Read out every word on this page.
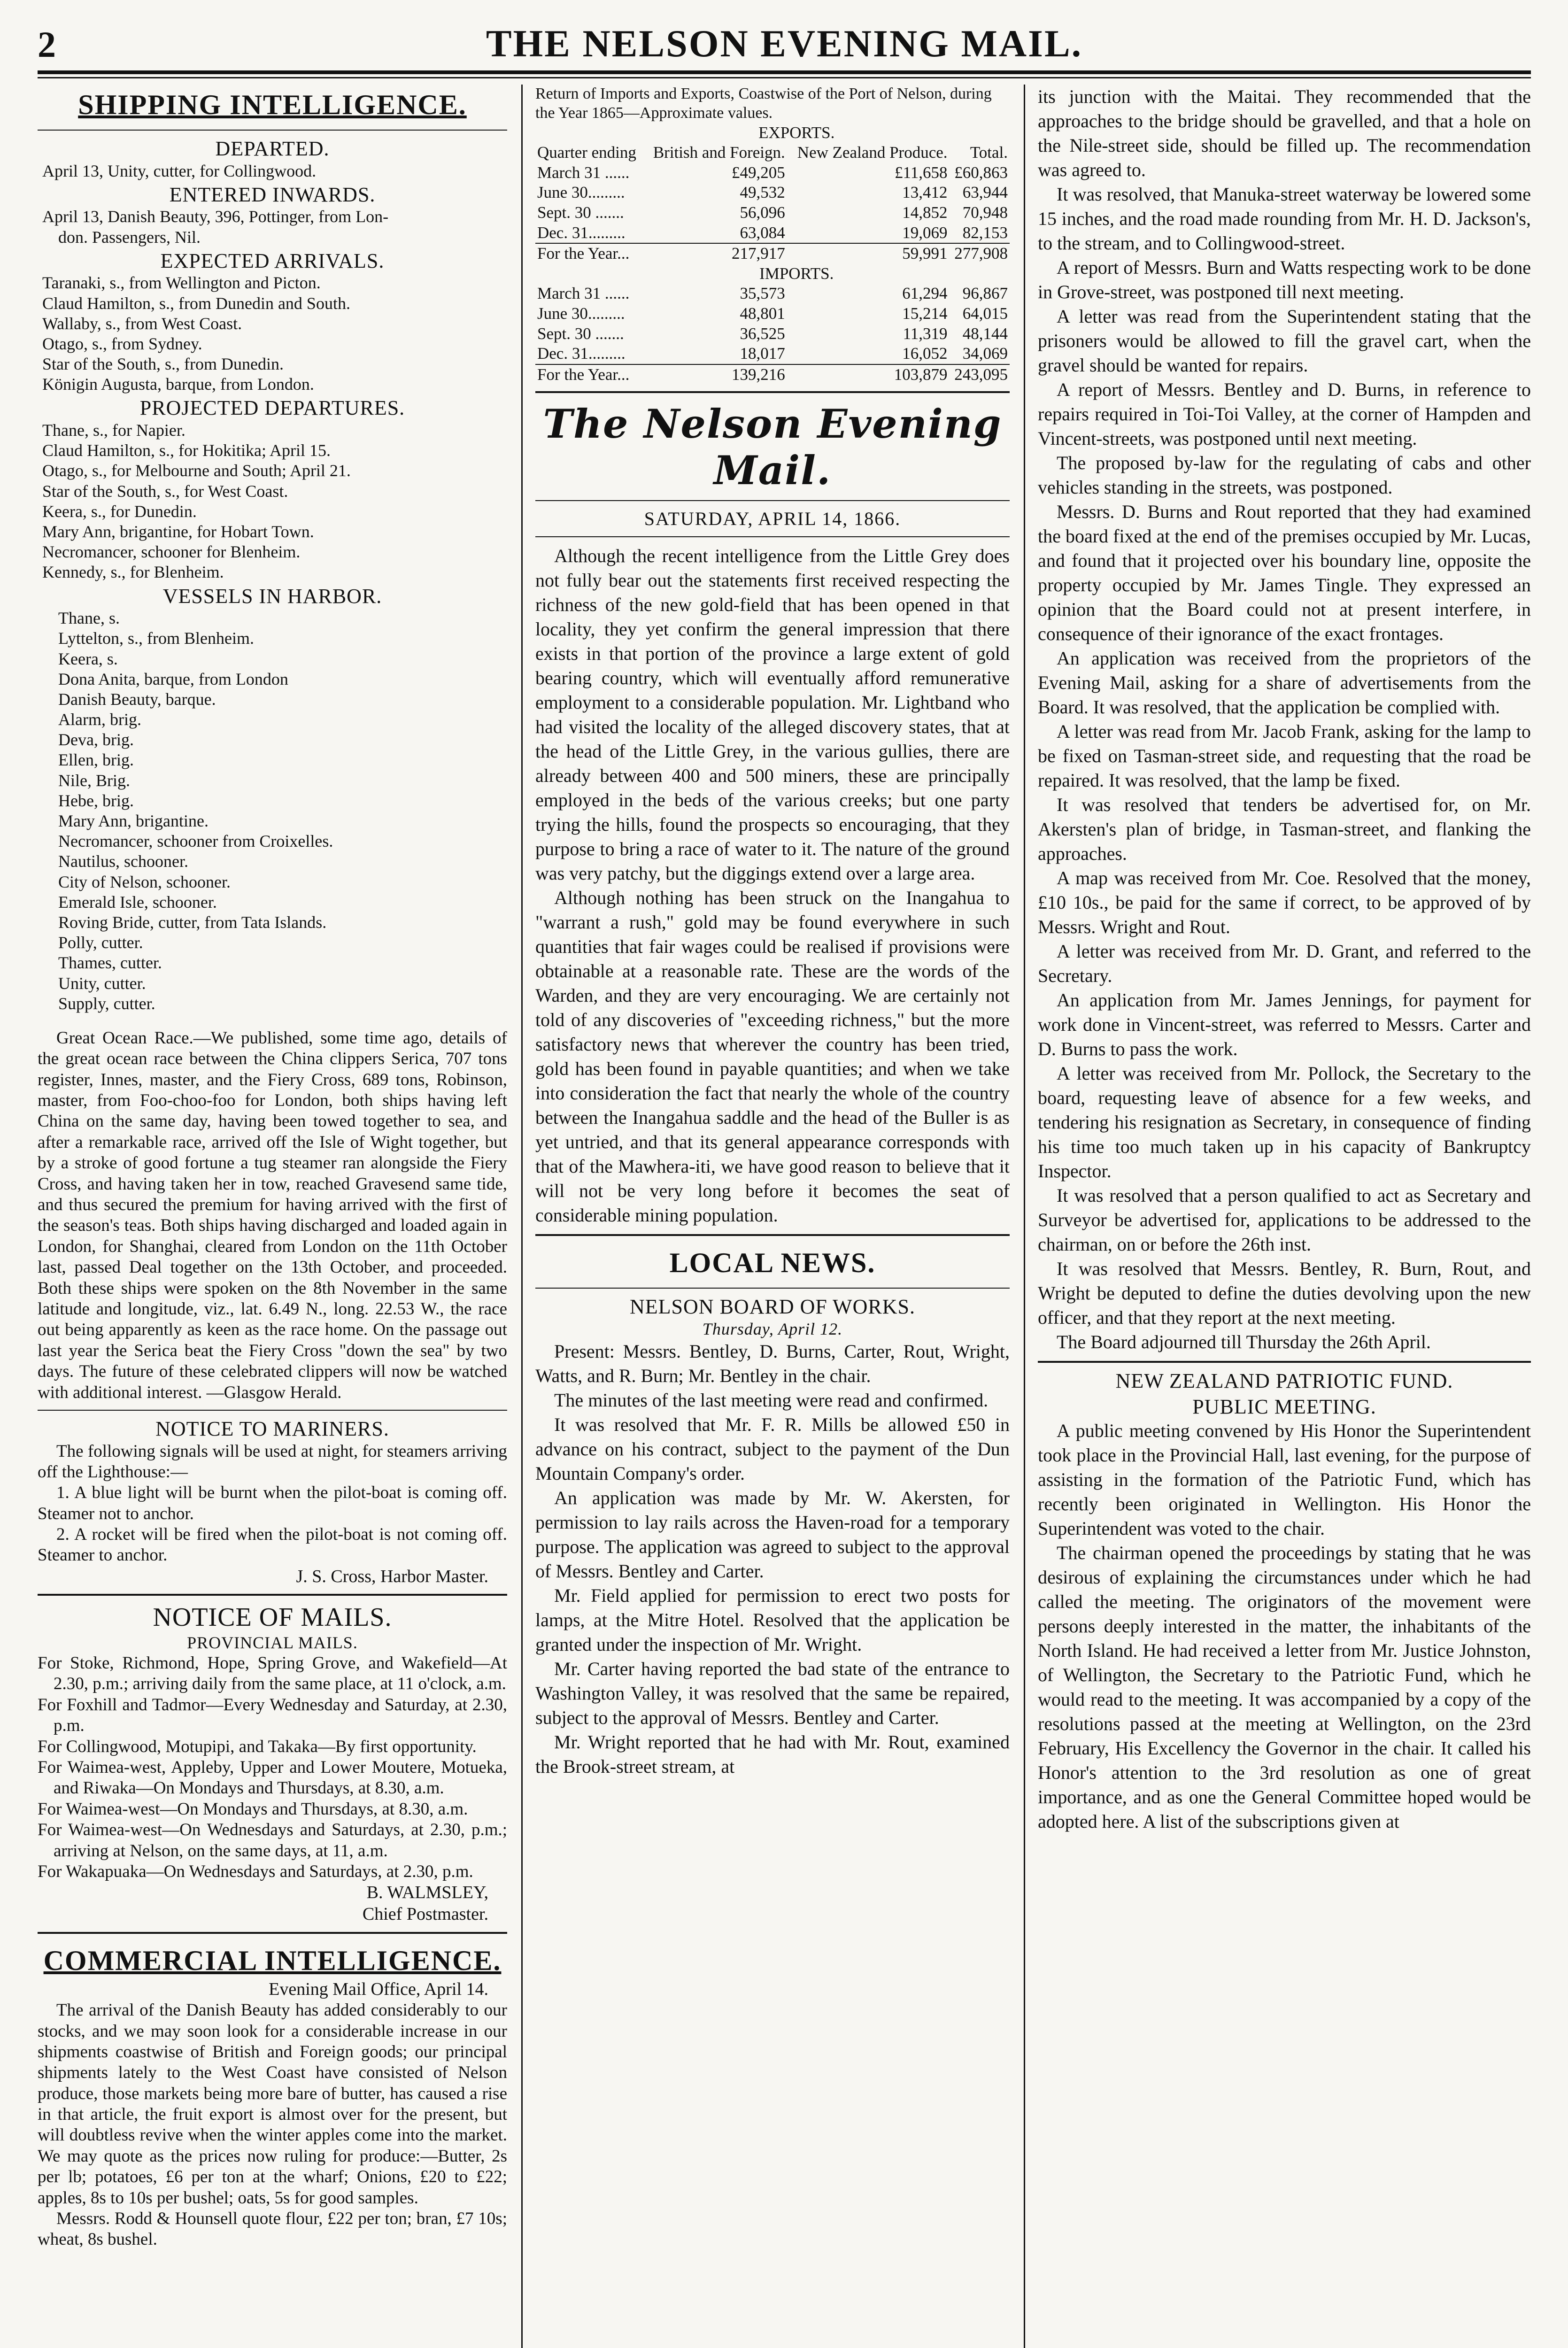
2	THE NELSON EVENING MAIL.
SHIPPING INTELLIGENCE.
DEPARTED.
April 13, Unity, cutter, for Collingwood.
ENTERED INWARDS.
April 13, Danish Beauty, 396, Pottinger, from Lon-
don. Passengers, Nil.
EXPECTED ARRIVALS.
Taranaki, s., from Wellington and Picton.
Claud Hamilton, s., from Dunedin and South.
Wallaby, s., from West Coast.
Otago, s., from Sydney.
Star of the South, s., from Dunedin.
Königin Augusta, barque, from London.
PROJECTED DEPARTURES.
Thane, s., for Napier.
Claud Hamilton, s., for Hokitika; April 15.
Otago, s., for Melbourne and South; April 21.
Star of the South, s., for West Coast.
Keera, s., for Dunedin.
Mary Ann, brigantine, for Hobart Town.
Necromancer, schooner for Blenheim.
Kennedy, s., for Blenheim.
VESSELS IN HARBOR.
Thane, s.
Lyttelton, s., from Blenheim.
Keera, s.
Dona Anita, barque, from London
Danish Beauty, barque.
Alarm, brig.
Deva, brig.
Ellen, brig.
Nile, Brig.
Hebe, brig.
Mary Ann, brigantine.
Necromancer, schooner from Croixelles.
Nautilus, schooner.
City of Nelson, schooner.
Emerald Isle, schooner.
Roving Bride, cutter, from Tata Islands.
Polly, cutter.
Thames, cutter.
Unity, cutter.
Supply, cutter.

Great Ocean Race.—We published, some time ago, details of the great ocean race between the China clippers Serica, 707 tons register, Innes, master, and the Fiery Cross, 689 tons, Robinson, master, from Foo-choo-foo for London, both ships having left China on the same day, having been towed together to sea, and after a remarkable race, arrived off the Isle of Wight together, but by a stroke of good fortune a tug steamer ran alongside the Fiery Cross, and having taken her in tow, reached Gravesend same tide, and thus secured the premium for having arrived with the first of the season's teas. Both ships having discharged and loaded again in London, for Shanghai, cleared from London on the 11th October last, passed Deal together on the 13th October, and proceeded. Both these ships were spoken on the 8th November in the same latitude and longitude, viz., lat. 6.49 N., long. 22.53 W., the race out being apparently as keen as the race home. On the passage out last year the Serica beat the Fiery Cross "down the sea" by two days. The future of these celebrated clippers will now be watched with additional interest. —Glasgow Herald.

NOTICE TO MARINERS.

The following signals will be used at night, for steamers arriving off the Lighthouse:—

1. A blue light will be burnt when the pilot-boat is coming off. Steamer not to anchor.

2. A rocket will be fired when the pilot-boat is not coming off. Steamer to anchor.

J. S. Cross, Harbor Master.
NOTICE OF MAILS.
PROVINCIAL MAILS.

For Stoke, Richmond, Hope, Spring Grove, and Wakefield—At 2.30, p.m.; arriving daily from the same place, at 11 o'clock, a.m.

For Foxhill and Tadmor—Every Wednesday and Saturday, at 2.30, p.m.

For Collingwood, Motupipi, and Takaka—By first opportunity.

For Waimea-west, Appleby, Upper and Lower Moutere, Motueka, and Riwaka—On Mondays and Thursdays, at 8.30, a.m.

For Waimea-west—On Mondays and Thursdays, at 8.30, a.m.

For Waimea-west—On Wednesdays and Saturdays, at 2.30, p.m.; arriving at Nelson, on the same days, at 11, a.m.

For Wakapuaka—On Wednesdays and Saturdays, at 2.30, p.m.

B. WALMSLEY,
Chief Postmaster.
COMMERCIAL INTELLIGENCE.
Evening Mail Office, April 14.

The arrival of the Danish Beauty has added considerably to our stocks, and we may soon look for a considerable increase in our shipments coastwise of British and Foreign goods; our principal shipments lately to the West Coast have consisted of Nelson produce, those markets being more bare of butter, has caused a rise in that article, the fruit export is almost over for the present, but will doubtless revive when the winter apples come into the market. We may quote as the prices now ruling for produce:—Butter, 2s per lb; potatoes, £6 per ton at the wharf; Onions, £20 to £22; apples, 8s to 10s per bushel; oats, 5s for good samples.

Messrs. Rodd & Hounsell quote flour, £22 per ton; bran, £7 10s; wheat, 8s bushel.

Return of Imports and Exports, Coastwise of the Port of Nelson, during the Year 1865—Approximate values.

	EXPORTS.		
Quarter ending	British and Foreign.	New Zealand Produce.	Total.
March 31 ......	£49,205	£11,658	£60,863
June 30.........	49,532	13,412	63,944
Sept. 30 .......	56,096	14,852	70,948
Dec. 31.........	63,084	19,069	82,153
For the Year...	217,917	59,991	277,908
	IMPORTS.		
March 31 ......	35,573	61,294	96,867
June 30.........	48,801	15,214	64,015
Sept. 30 .......	36,525	11,319	48,144
Dec. 31.........	18,017	16,052	34,069
For the Year...	139,216	103,879	243,095
The Nelson Evening Mail.
SATURDAY, APRIL 14, 1866.

Although the recent intelligence from the Little Grey does not fully bear out the statements first received respecting the richness of the new gold-field that has been opened in that locality, they yet confirm the general impression that there exists in that portion of the province a large extent of gold bearing country, which will eventually afford remunerative employment to a considerable population. Mr. Lightband who had visited the locality of the alleged discovery states, that at the head of the Little Grey, in the various gullies, there are already between 400 and 500 miners, these are principally employed in the beds of the various creeks; but one party trying the hills, found the prospects so encouraging, that they purpose to bring a race of water to it. The nature of the ground was very patchy, but the diggings extend over a large area.

Although nothing has been struck on the Inangahua to "warrant a rush," gold may be found everywhere in such quantities that fair wages could be realised if provisions were obtainable at a reasonable rate. These are the words of the Warden, and they are very encouraging. We are certainly not told of any discoveries of "exceeding richness," but the more satisfactory news that wherever the country has been tried, gold has been found in payable quantities; and when we take into consideration the fact that nearly the whole of the country between the Inangahua saddle and the head of the Buller is as yet untried, and that its general appearance corresponds with that of the Mawhera-iti, we have good reason to believe that it will not be very long before it becomes the seat of considerable mining population.

LOCAL NEWS.
NELSON BOARD OF WORKS.
Thursday, April 12.

Present: Messrs. Bentley, D. Burns, Carter, Rout, Wright, Watts, and R. Burn; Mr. Bentley in the chair.

The minutes of the last meeting were read and confirmed.

It was resolved that Mr. F. R. Mills be allowed £50 in advance on his contract, subject to the payment of the Dun Mountain Company's order.

An application was made by Mr. W. Akersten, for permission to lay rails across the Haven-road for a temporary purpose. The application was agreed to subject to the approval of Messrs. Bentley and Carter.

Mr. Field applied for permission to erect two posts for lamps, at the Mitre Hotel. Resolved that the application be granted under the inspection of Mr. Wright.

Mr. Carter having reported the bad state of the entrance to Washington Valley, it was resolved that the same be repaired, subject to the approval of Messrs. Bentley and Carter.

Mr. Wright reported that he had with Mr. Rout, examined the Brook-street stream, at

its junction with the Maitai. They recommended that the approaches to the bridge should be gravelled, and that a hole on the Nile-street side, should be filled up. The recommendation was agreed to.

It was resolved, that Manuka-street waterway be lowered some 15 inches, and the road made rounding from Mr. H. D. Jackson's, to the stream, and to Collingwood-street.

A report of Messrs. Burn and Watts respecting work to be done in Grove-street, was postponed till next meeting.

A letter was read from the Superintendent stating that the prisoners would be allowed to fill the gravel cart, when the gravel should be wanted for repairs.

A report of Messrs. Bentley and D. Burns, in reference to repairs required in Toi-Toi Valley, at the corner of Hampden and Vincent-streets, was postponed until next meeting.

The proposed by-law for the regulating of cabs and other vehicles standing in the streets, was postponed.

Messrs. D. Burns and Rout reported that they had examined the board fixed at the end of the premises occupied by Mr. Lucas, and found that it projected over his boundary line, opposite the property occupied by Mr. James Tingle. They expressed an opinion that the Board could not at present interfere, in consequence of their ignorance of the exact frontages.

An application was received from the proprietors of the Evening Mail, asking for a share of advertisements from the Board. It was resolved, that the application be complied with.

A letter was read from Mr. Jacob Frank, asking for the lamp to be fixed on Tasman-street side, and requesting that the road be repaired. It was resolved, that the lamp be fixed.

It was resolved that tenders be advertised for, on Mr. Akersten's plan of bridge, in Tasman-street, and flanking the approaches.

A map was received from Mr. Coe. Resolved that the money, £10 10s., be paid for the same if correct, to be approved of by Messrs. Wright and Rout.

A letter was received from Mr. D. Grant, and referred to the Secretary.

An application from Mr. James Jennings, for payment for work done in Vincent-street, was referred to Messrs. Carter and D. Burns to pass the work.

A letter was received from Mr. Pollock, the Secretary to the board, requesting leave of absence for a few weeks, and tendering his resignation as Secretary, in consequence of finding his time too much taken up in his capacity of Bankruptcy Inspector.

It was resolved that a person qualified to act as Secretary and Surveyor be advertised for, applications to be addressed to the chairman, on or before the 26th inst.

It was resolved that Messrs. Bentley, R. Burn, Rout, and Wright be deputed to define the duties devolving upon the new officer, and that they report at the next meeting.

The Board adjourned till Thursday the 26th April.

NEW ZEALAND PATRIOTIC FUND.
PUBLIC MEETING.

A public meeting convened by His Honor the Superintendent took place in the Provincial Hall, last evening, for the purpose of assisting in the formation of the Patriotic Fund, which has recently been originated in Wellington. His Honor the Superintendent was voted to the chair.

The chairman opened the proceedings by stating that he was desirous of explaining the circumstances under which he had called the meeting. The originators of the movement were persons deeply interested in the matter, the inhabitants of the North Island. He had received a letter from Mr. Justice Johnston, of Wellington, the Secretary to the Patriotic Fund, which he would read to the meeting. It was accompanied by a copy of the resolutions passed at the meeting at Wellington, on the 23rd February, His Excellency the Governor in the chair. It called his Honor's attention to the 3rd resolution as one of great importance, and as one the General Committee hoped would be adopted here. A list of the subscriptions given at
